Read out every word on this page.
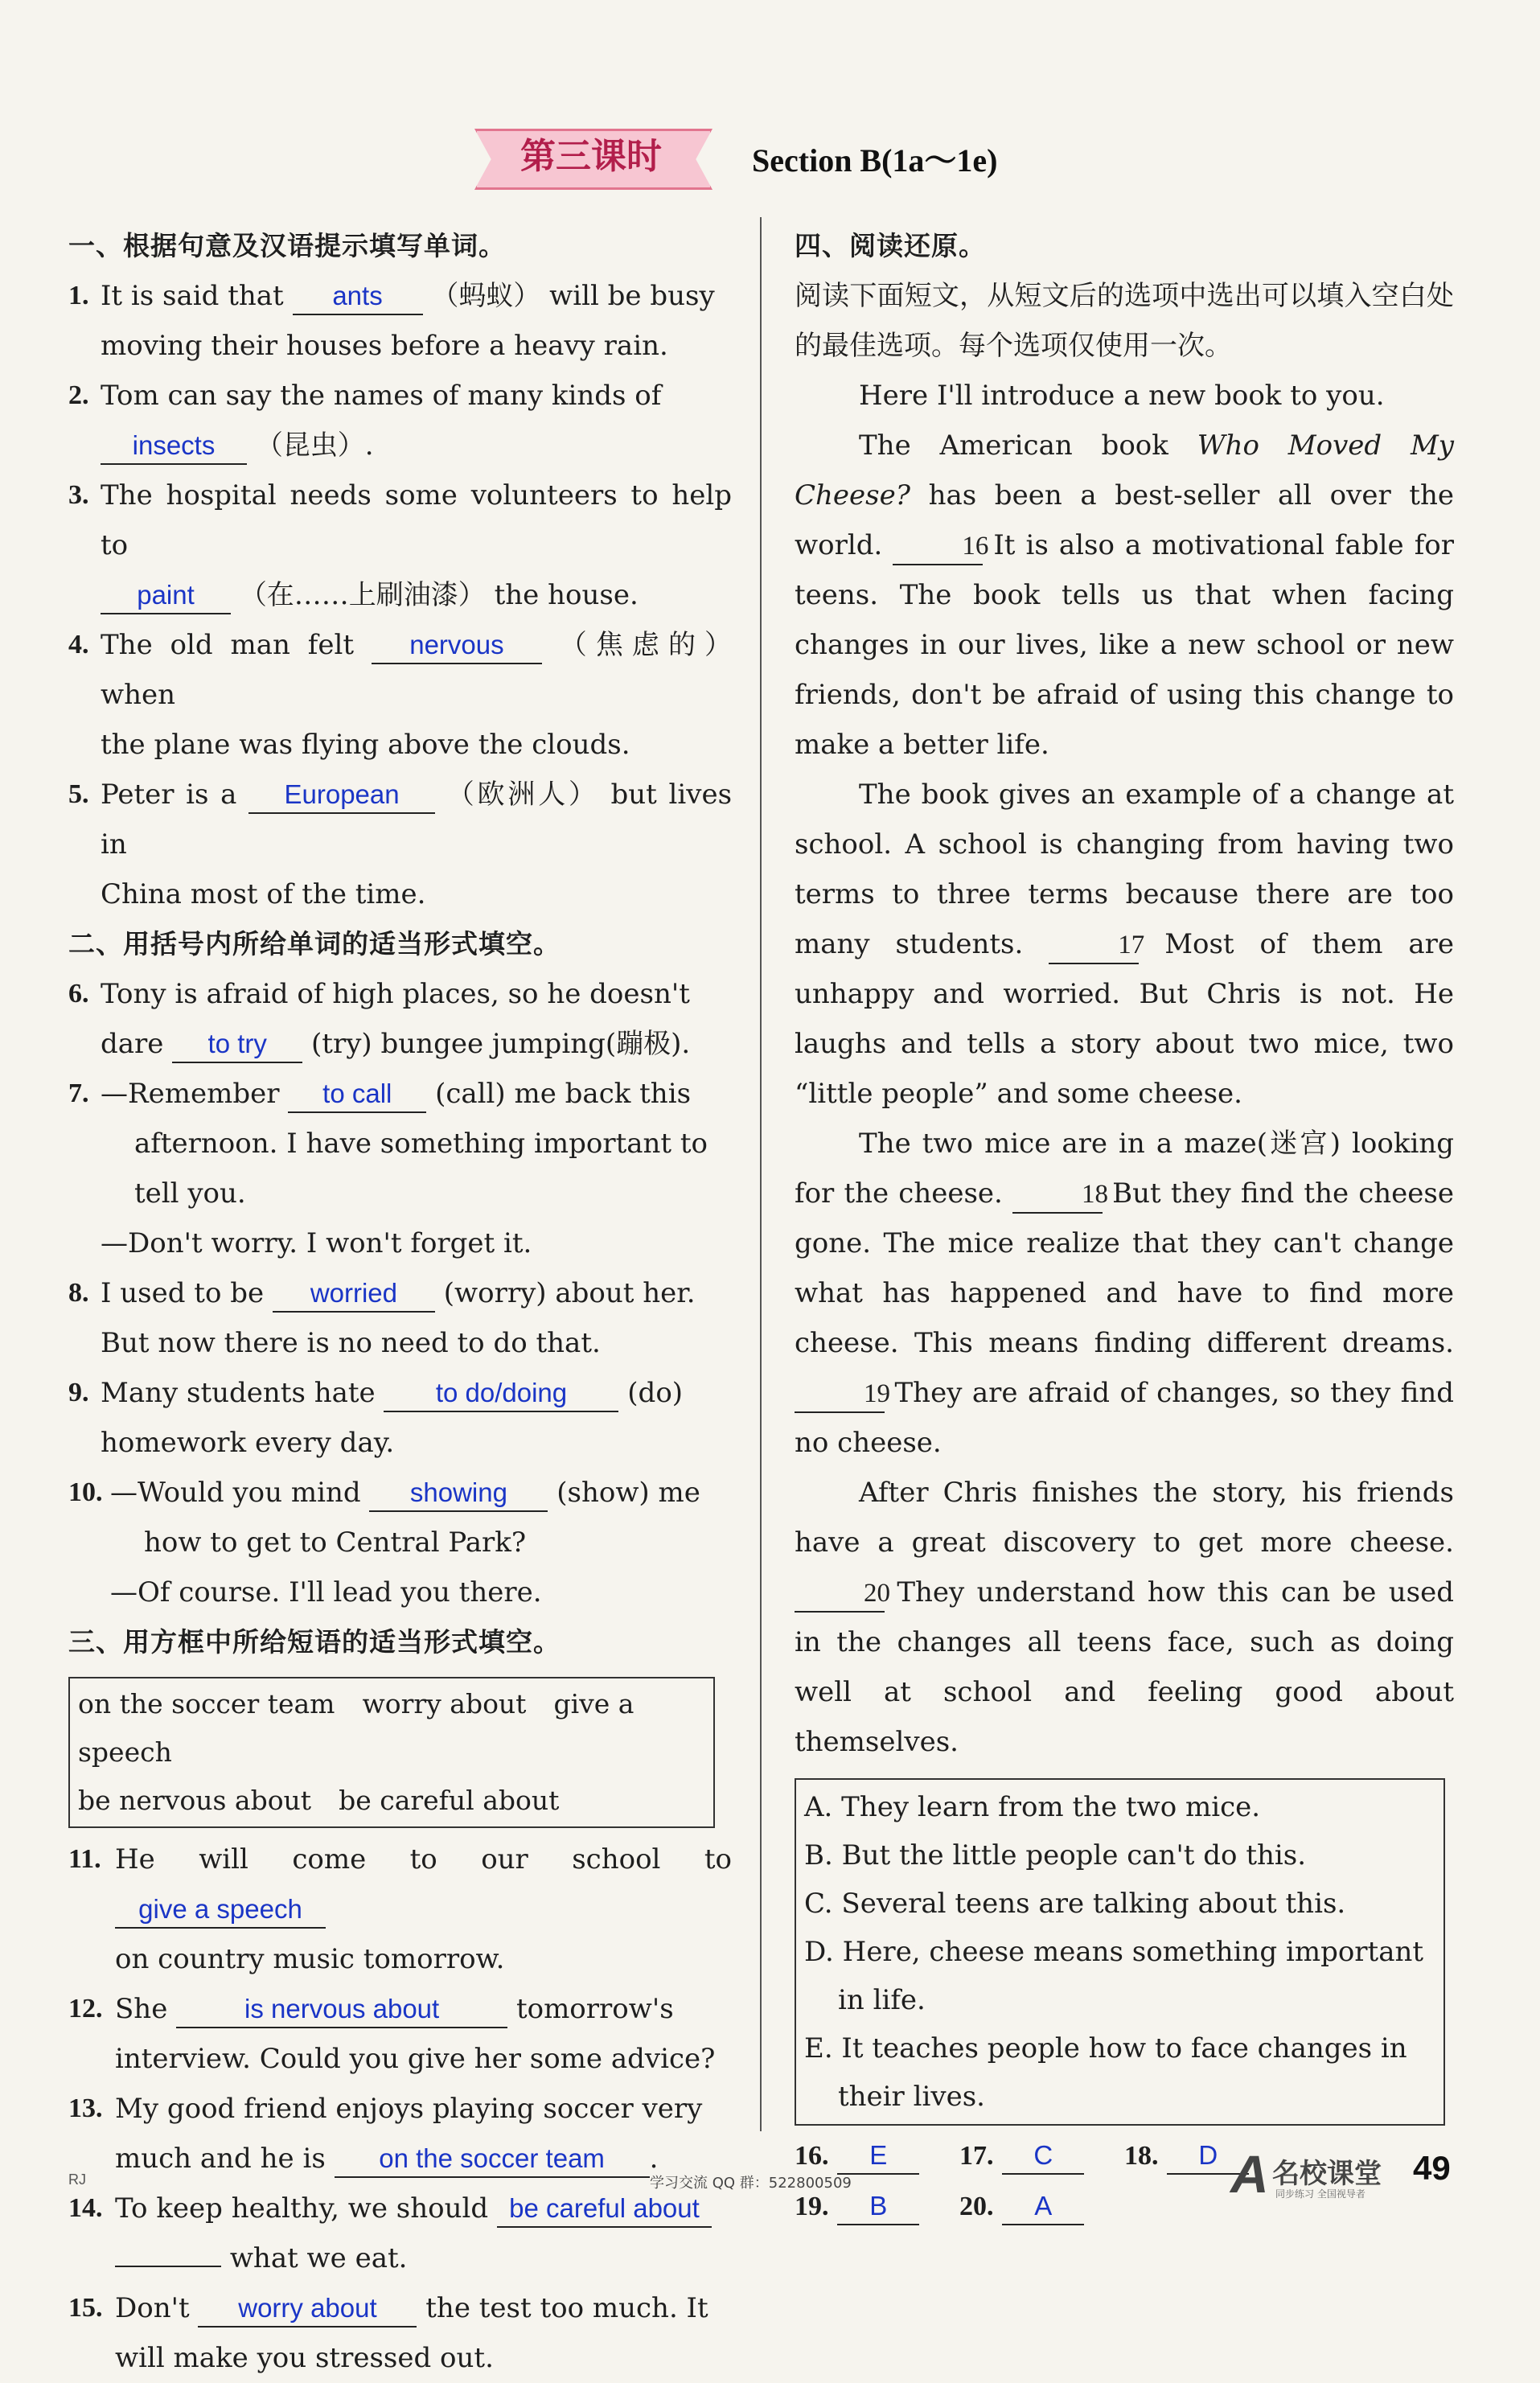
第三课时	Section B(1a～1e)
一、根据句意及汉语提示填写单词。
1. It is said that ants （蚂蚁） will be busy
moving their houses before a heavy rain.
2. Tom can say the names of many kinds of
insects （昆虫）.
3. The hospital needs some volunteers to help to
paint （在……上刷油漆） the house.
4. The old man felt nervous （焦虑的） when
the plane was flying above the clouds.
5. Peter is a European （欧洲人） but lives in
China most of the time.
二、用括号内所给单词的适当形式填空。
6. Tony is afraid of high places, so he doesn't
dare to try (try) bungee jumping(蹦极).
7. —Remember to call (call) me back this

afternoon. I have something important to
tell you.
—Don't worry. I won't forget it.
8. I used to be worried (worry) about her.
But now there is no need to do that.
9. Many students hate to do/doing (do)
homework every day.
10. —Would you mind showing (show) me

how to get to Central Park?
—Of course. I'll lead you there.
三、用方框中所给短语的适当形式填空。
on the soccer team worry about give a speech
be nervous about be careful about
11. He will come to our school to give a speech
on country music tomorrow.
12. She	is nervous about	tomorrow's
interview. Could you give her some advice?
13. My good friend enjoys playing soccer very
much and he is on the soccer team .
14. To keep healthy, we should be careful about
what we eat.
15. Don't worry about the test too much. It
will make you stressed out.
四、阅读还原。
阅读下面短文，从短文后的选项中选出可以填入空白处的最佳选项。每个选项仅使用一次。
Here I'll introduce a new book to you.
The American book Who Moved My Cheese? has been a best-seller all over the world.	16 It is also a motivational fable for teens. The book tells us that when facing changes in our lives, like a new school or new friends, don't be afraid of using this change to make a better life.
The book gives an example of a change at school. A school is changing from having two terms to three terms because there are too many students.	17 Most of them are unhappy and worried. But Chris is not. He laughs and tells a story about two mice, two “little people” and some cheese.
The two mice are in a maze(迷宫) looking for the cheese.	18 But they find the cheese gone. The mice realize that they can't change what has happened and have to find more cheese. This means finding different dreams. 19 They are afraid of changes, so they find no cheese.
After Chris finishes the story, his friends have a great discovery to get more cheese. 20 They understand how this can be used in the changes all teens face, such as doing well at school and feeling good about themselves.
A. They learn from the two mice.
B. But the little people can't do this.
C. Several teens are talking about this.
D. Here, cheese means something important in life.
E. It teaches people how to face changes in their lives.
16. E	17. C	18. D
19. B	20. A
RJ	学习交流 QQ 群：522800509	A 名校课堂
同步练习 全国视导者
49
